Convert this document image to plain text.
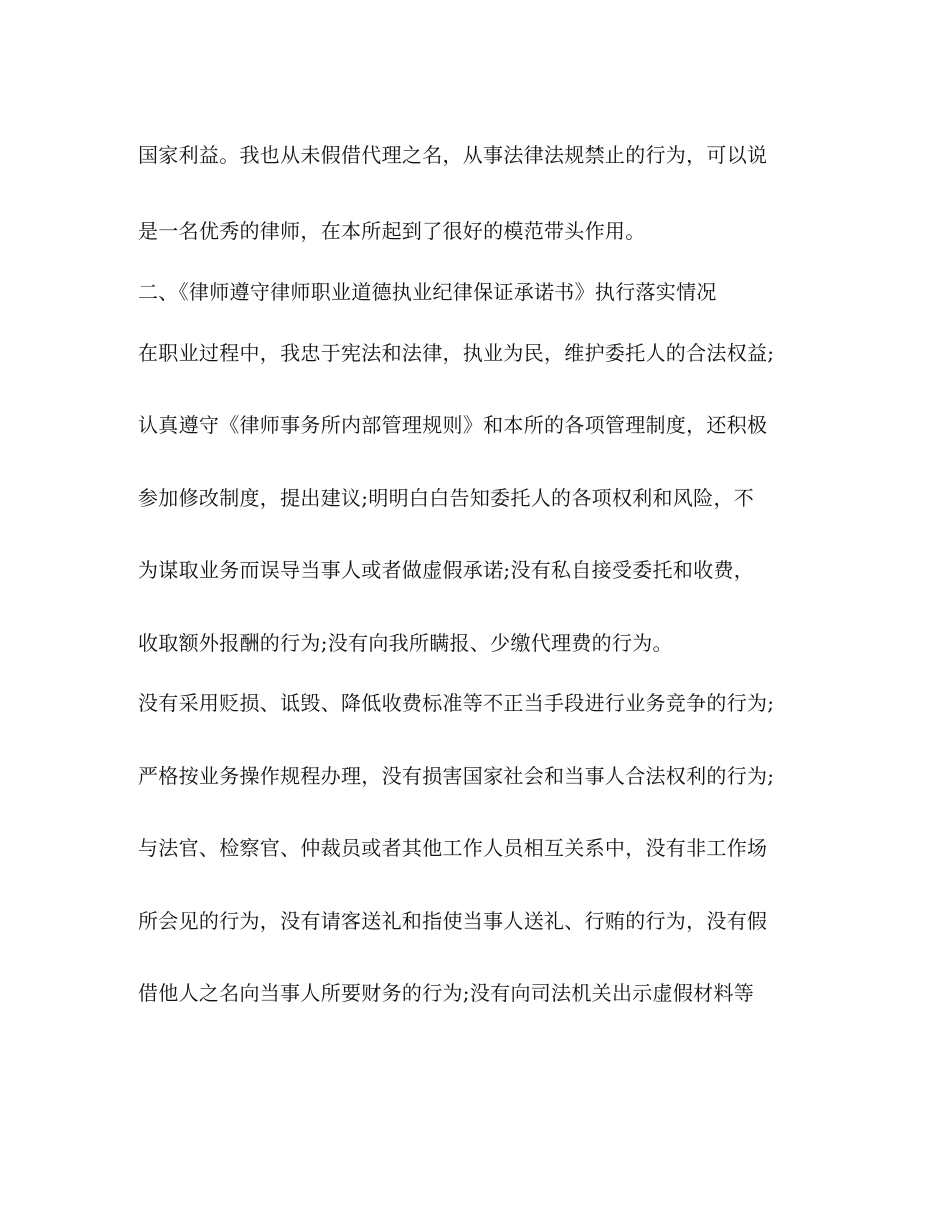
国家利益。我也从未假借代理之名，从事法律法规禁止的行为，可以说
是一名优秀的律师，在本所起到了很好的模范带头作用。
二、《律师遵守律师职业道德执业纪律保证承诺书》执行落实情况
在职业过程中，我忠于宪法和法律，执业为民，维护委托人的合法权益;
认真遵守《律师事务所内部管理规则》和本所的各项管理制度，还积极
参加修改制度，提出建议;明明白白告知委托人的各项权利和风险，不
为谋取业务而误导当事人或者做虚假承诺;没有私自接受委托和收费，
收取额外报酬的行为;没有向我所瞒报、少缴代理费的行为。
没有采用贬损、诋毁、降低收费标准等不正当手段进行业务竞争的行为;
严格按业务操作规程办理，没有损害国家社会和当事人合法权利的行为;
与法官、检察官、仲裁员或者其他工作人员相互关系中，没有非工作场
所会见的行为，没有请客送礼和指使当事人送礼、行贿的行为，没有假
借他人之名向当事人所要财务的行为;没有向司法机关出示虚假材料等
